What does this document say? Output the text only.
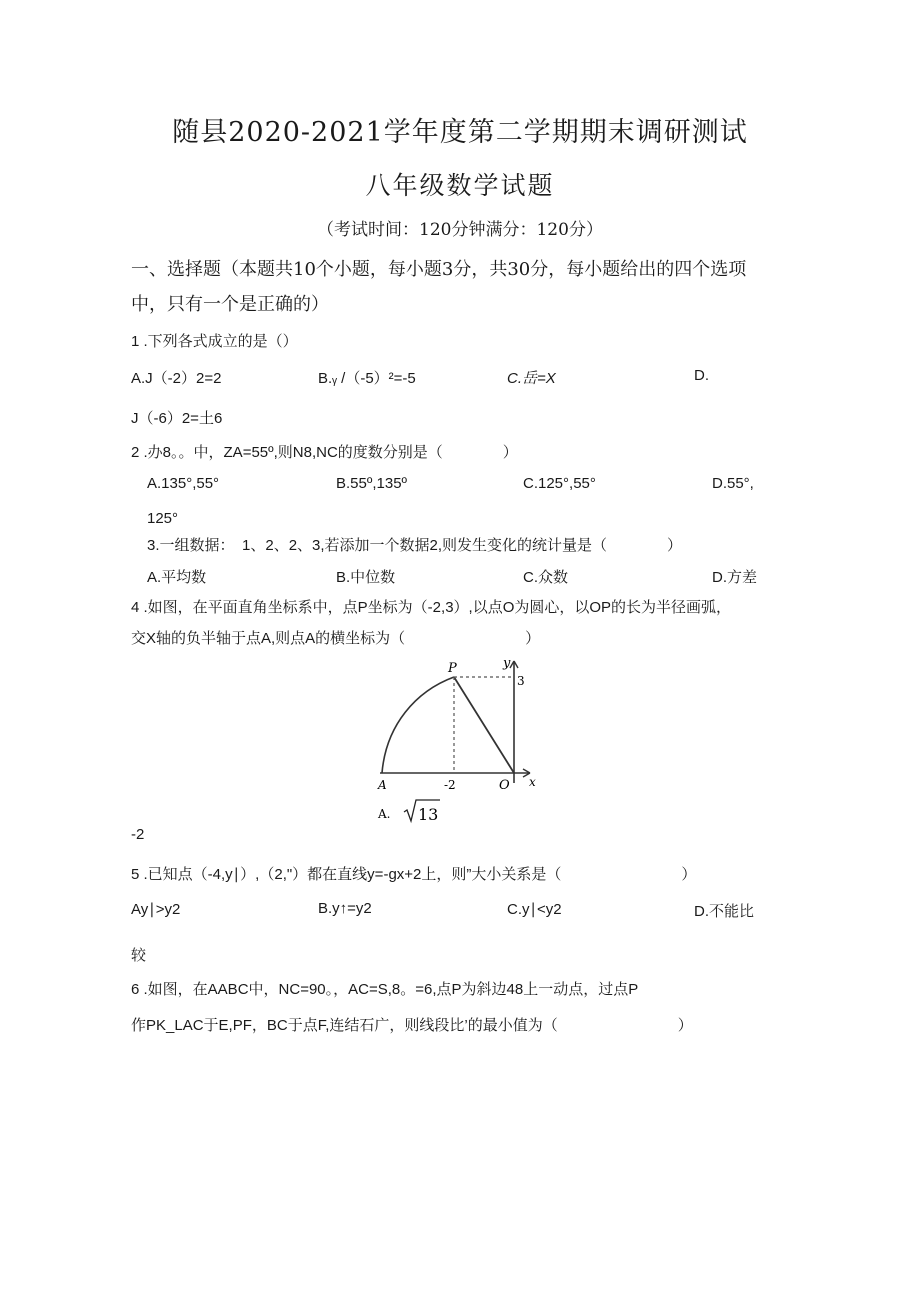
随县2020-2021学年度第二学期期末调研测试
八年级数学试题
（考试时间：120分钟满分：120分）
一、选择题（本题共10个小题，每小题3分，共30分，每小题给出的四个选项
中，只有一个是正确的）
1 .下列各式成立的是（）
A.J（-2）2=2	B.ᵧ /（-5）²=-5	C.岳=X	D.
J（-6）2=土6
2 .办8。。中，ZA=55º,则N8,NC的度数分别是（　　　　）
A.135°,55°	B.55º,135º	C.125°,55°	D.55°,
125°
3.一组数据：　1、2、2、3,若添加一个数据2,则发生变化的统计量是（　　　　）
A.平均数	B.中位数	C.众数	D.方差
4 .如图，在平面直角坐标系中，点P坐标为（-2,3）,以点O为圆心，以OP的长为半径画弧，
交X轴的负半轴于点A,则点A的横坐标为（　　　　　　　　）
P	y
3
A	-2	O x
A. 13
-2
5 .已知点（-4,y∣）,（2,"）都在直线y=-gx+2上，则”大小关系是（　　　　　　　　）
Ay∣>y2	B.y↑=y2	C.y∣<y2	D.不能比
较
6 .如图，在AABC中，NC=90。，AC=S,8。=6,点P为斜边48上一动点，过点P
作PK_LAC于E,PF，BC于点F,连结石广，则线段比’的最小值为（　　　　　　　　）
